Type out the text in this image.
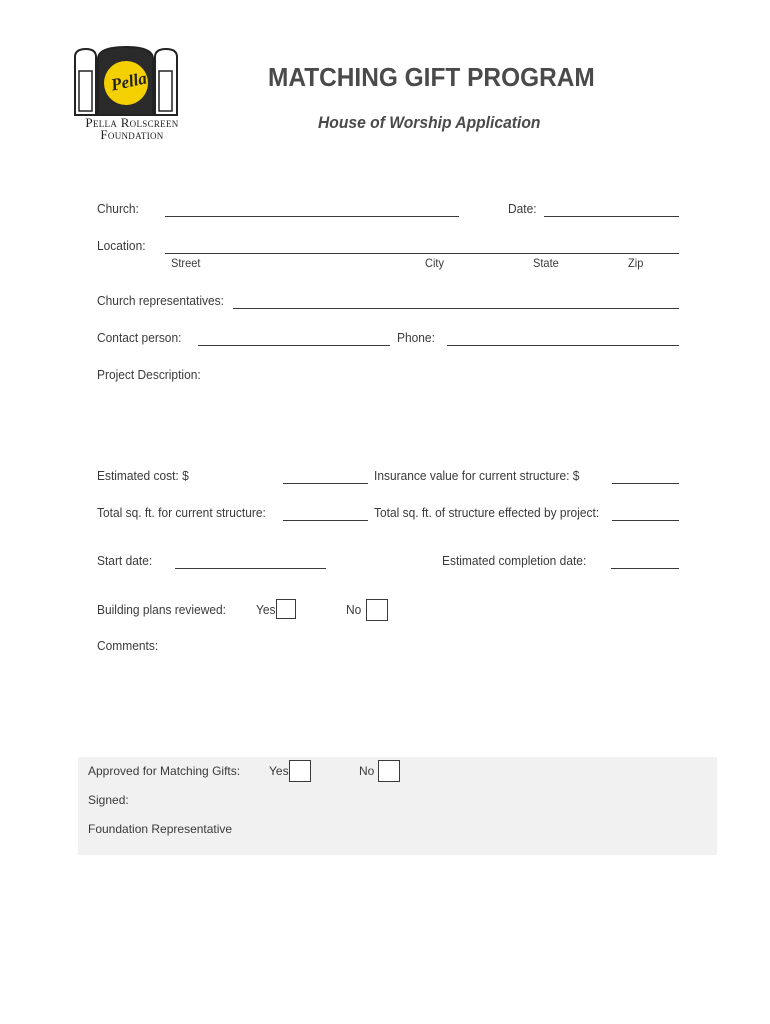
Pella
Pella Rolscreen
Foundation
MATCHING GIFT PROGRAM
House of Worship Application
Church:	Date:
Location:
Street	City	State	Zip
Church representatives:
Contact person:	Phone:
Project Description:
Estimated cost: $	Insurance value for current structure: $
Total sq. ft. for current structure:	Total sq. ft. of structure effected by project:
Start date:	Estimated completion date:
Building plans reviewed: Yes	No
Comments:
Approved for Matching Gifts: Yes	No
Signed:
Foundation Representative
